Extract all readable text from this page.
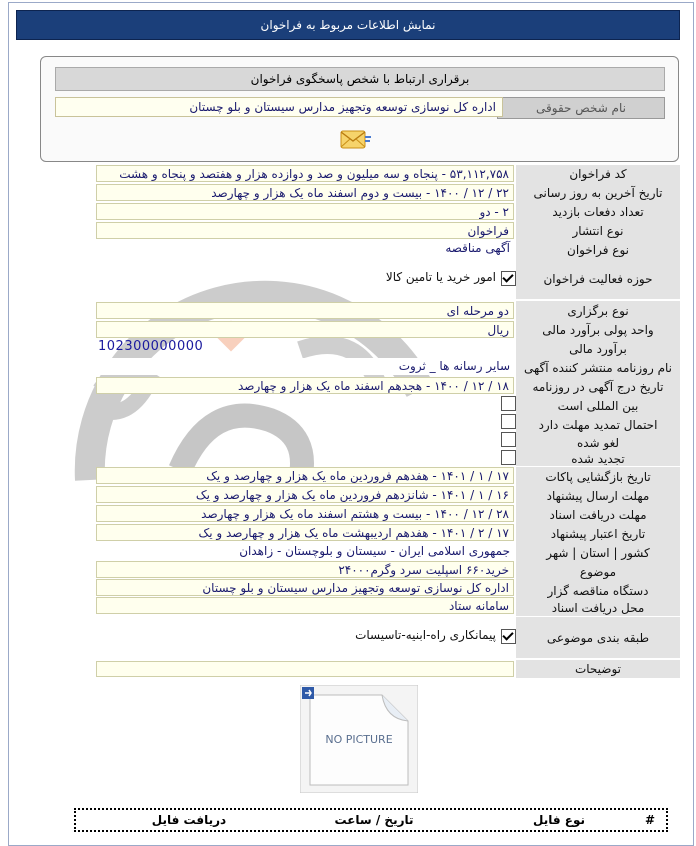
نمایش اطلاعات مربوط به فراخوان
برقراری ارتباط با شخص پاسخگوی فراخوان
نام شخص حقوقی
اداره کل نوسازی توسعه وتجهیز مدارس سیستان و بلو چستان
کد فراخوان
۵۳,۱۱۲,۷۵۸ - پنجاه و سه میلیون و صد و دوازده هزار و هفتصد و پنجاه و هشت
تاریخ آخرین به روز رسانی
۲۲ / ۱۲ / ۱۴۰۰ - بیست و دوم اسفند ماه یک هزار و چهارصد
تعداد دفعات بازدید
۲ - دو
نوع انتشار
فراخوان
نوع فراخوان
آگهی مناقصه
حوزه فعالیت فراخوان
امور خرید یا تامین کالا
نوع برگزاری
دو مرحله ای
واحد پولی برآورد مالی
ریال
برآورد مالی
102300000000
نام روزنامه منتشر کننده آگهی
سایر رسانه ها _ ثروت
تاریخ درج آگهی در روزنامه
۱۸ / ۱۲ / ۱۴۰۰ - هجدهم اسفند ماه یک هزار و چهارصد
بین المللی است
احتمال تمدید مهلت دارد
لغو شده
تجدید شده
تاریخ بازگشایی پاکات
۱۷ / ۱ / ۱۴۰۱ - هفدهم فروردین ماه یک هزار و چهارصد و یک
مهلت ارسال پیشنهاد
۱۶ / ۱ / ۱۴۰۱ - شانزدهم فروردین ماه یک هزار و چهارصد و یک
مهلت دریافت اسناد
۲۸ / ۱۲ / ۱۴۰۰ - بیست و هشتم اسفند ماه یک هزار و چهارصد
تاریخ اعتبار پیشنهاد
۱۷ / ۲ / ۱۴۰۱ - هفدهم اردیبهشت ماه یک هزار و چهارصد و یک
کشور | استان | شهر
جمهوری اسلامی ایران - سیستان و بلوچستان - زاهدان
موضوع
خرید۶۶۰ اسپلیت سرد وگرم۲۴۰۰۰
دستگاه مناقصه گزار
اداره کل نوسازی توسعه وتجهیز مدارس سیستان و بلو چستان
محل دریافت اسناد
سامانه ستاد
طبقه بندی موضوعی
پیمانکاری راه-ابنیه-تاسیسات
توضیحات
NO PICTURE
#
نوع فایل
تاریخ / ساعت
دریافت فایل
